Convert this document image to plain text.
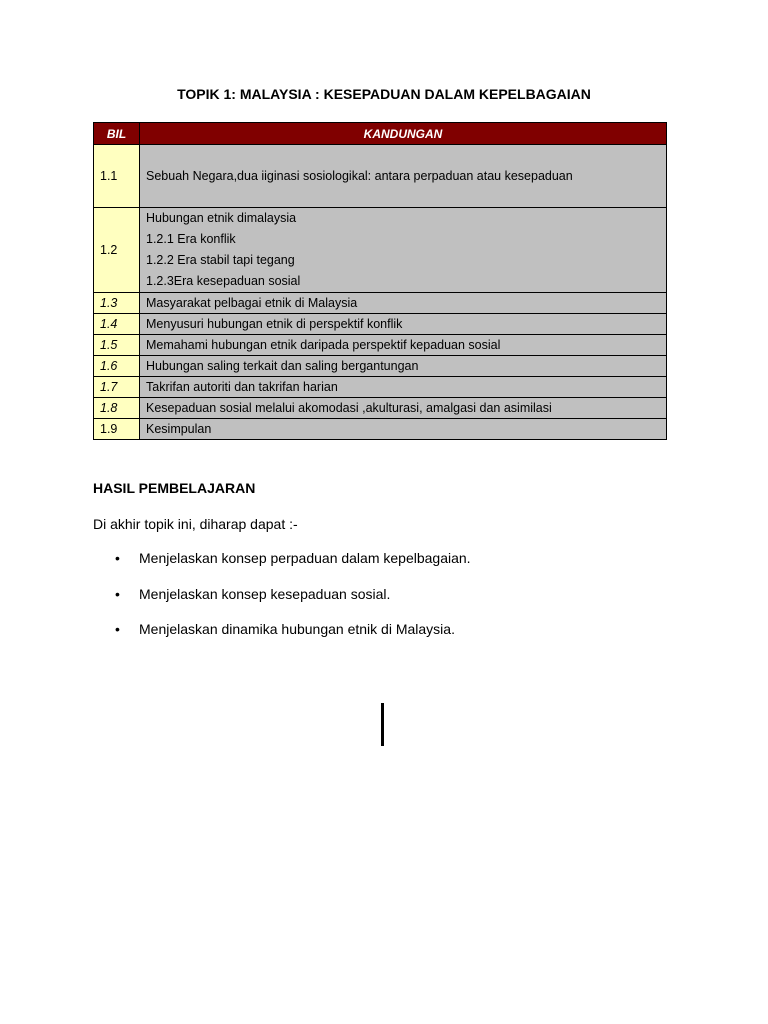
TOPIK 1: MALAYSIA : KESEPADUAN DALAM KEPELBAGAIAN
BIL	KANDUNGAN
1.1	Sebuah Negara,dua iiginasi sosiologikal: antara perpaduan atau kesepaduan
1.2	Hubungan etnik dimalaysia
1.2.1 Era konflik
1.2.2 Era stabil tapi tegang
1.2.3Era kesepaduan sosial

1.3	Masyarakat pelbagai etnik di Malaysia
1.4	Menyusuri hubungan etnik di perspektif konflik
1.5	Memahami hubungan etnik daripada perspektif kepaduan sosial
1.6	Hubungan saling terkait dan saling bergantungan
1.7	Takrifan autoriti dan takrifan harian
1.8	Kesepaduan sosial melalui akomodasi ,akulturasi, amalgasi dan asimilasi
1.9	Kesimpulan
HASIL PEMBELAJARAN
Di akhir topik ini, diharap dapat :-
• Menjelaskan konsep perpaduan dalam kepelbagaian.
• Menjelaskan konsep kesepaduan sosial.
• Menjelaskan dinamika hubungan etnik di Malaysia.
